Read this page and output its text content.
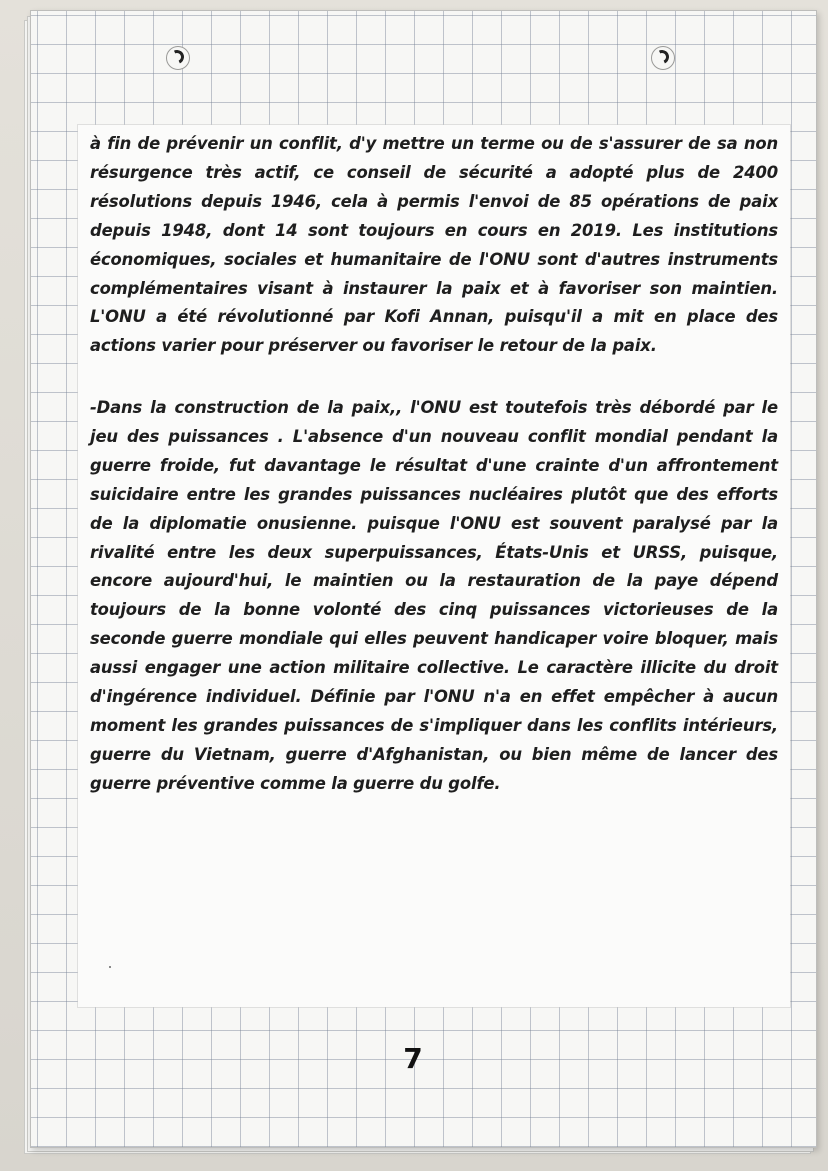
à fin de prévenir un conflit, d'y mettre un terme ou de s'assurer de sa non résurgence très actif, ce conseil de sécurité a adopté plus de 2400 résolutions depuis 1946, cela à permis l'envoi de 85 opérations de paix depuis 1948, dont 14 sont toujours en cours en 2019. Les institutions économiques, sociales et humanitaire de l'ONU sont d'autres instruments complémentaires visant à instaurer la paix et à favoriser son maintien. L'ONU a été révolutionné par Kofi Annan, puisqu'il a mit en place des actions varier pour préserver ou favoriser le retour de la paix.

-Dans la construction de la paix,, l'ONU est toutefois très débordé par le jeu des puissances . L'absence d'un nouveau conflit mondial pendant la guerre froide, fut davantage le résultat d'une crainte d'un affrontement suicidaire entre les grandes puissances nucléaires plutôt que des efforts de la diplomatie onusienne. puisque l'ONU est souvent paralysé par la rivalité entre les deux superpuissances, États-Unis et URSS, puisque, encore aujourd'hui, le maintien ou la restauration de la paye dépend toujours de la bonne volonté des cinq puissances victorieuses de la seconde guerre mondiale qui elles peuvent handicaper voire bloquer, mais aussi engager une action militaire collective. Le caractère illicite du droit d'ingérence individuel. Définie par l'ONU n'a en effet empêcher à aucun moment les grandes puissances de s'impliquer dans les conflits intérieurs, guerre du Vietnam, guerre d'Afghanistan, ou bien même de lancer des guerre préventive comme la guerre du golfe.

7
